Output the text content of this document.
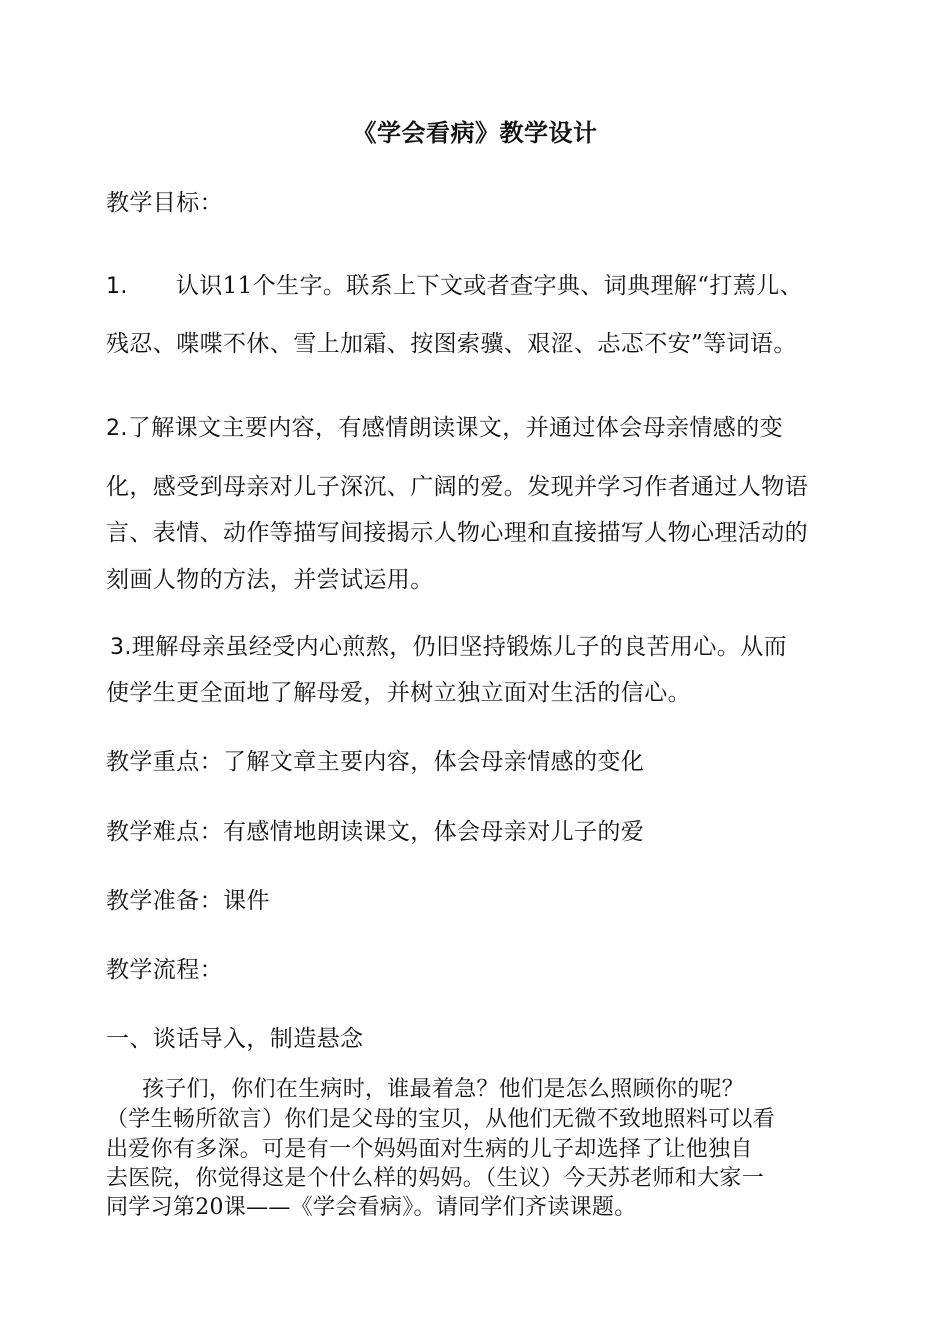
《学会看病》教学设计
教学目标：
1. 认识11个生字。联系上下文或者查字典、词典理解“打蔫儿、
残忍、喋喋不休、雪上加霜、按图索骥、艰涩、忐忑不安”等词语。
2.了解课文主要内容，有感情朗读课文，并通过体会母亲情感的变
化，感受到母亲对儿子深沉、广阔的爱。发现并学习作者通过人物语
言、表情、动作等描写间接揭示人物心理和直接描写人物心理活动的
刻画人物的方法，并尝试运用。
3.理解母亲虽经受内心煎熬，仍旧坚持锻炼儿子的良苦用心。从而
使学生更全面地了解母爱，并树立独立面对生活的信心。
教学重点：了解文章主要内容，体会母亲情感的变化
教学难点：有感情地朗读课文，体会母亲对儿子的爱
教学准备：课件
教学流程：
一、谈话导入，制造悬念
孩子们，你们在生病时，谁最着急？他们是怎么照顾你的呢？
（学生畅所欲言）你们是父母的宝贝，从他们无微不致地照料可以看
出爱你有多深。可是有一个妈妈面对生病的儿子却选择了让他独自
去医院，你觉得这是个什么样的妈妈。（生议）今天苏老师和大家一
同学习第20课——《学会看病》。请同学们齐读课题。
